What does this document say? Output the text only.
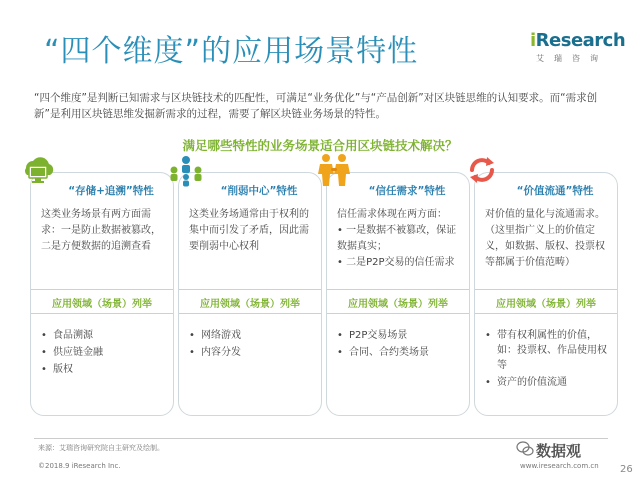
“四个维度”的应用场景特性	iResearch
艾瑞咨询
“四个维度”是判断已知需求与区块链技术的匹配性，可满足“业务优化”与“产品创新”对区块链思维的认知要求。而“需求创新”是利用区块链思维发掘新需求的过程，需要了解区块链业务场景的特性。
满足哪些特性的业务场景适合用区块链技术解决？
“存储+追溯”特性
这类业务场景有两方面需求：一是防止数据被篡改，二是方便数据的追溯查看
应用领域（场景）列举
• 食品溯源
• 供应链金融
• 版权
“削弱中心”特性
这类业务场通常由于权利的集中而引发了矛盾，因此需要削弱中心权利
应用领域（场景）列举
• 网络游戏
• 内容分发
“信任需求”特性
信任需求体现在两方面：
• 一是数据不被篡改，保证数据真实；
• 二是P2P交易的信任需求
应用领域（场景）列举
• P2P交易场景
• 合同、合约类场景
“价值流通”特性
对价值的量化与流通需求。（这里指广义上的价值定义，如数据、版权、投票权等都属于价值范畴）
应用领域（场景）列举
• 带有权利属性的价值，如：投票权、作品使用权等
• 资产的价值流通
来源：艾瑞咨询研究院自主研究及绘制。
©2018.9 iResearch Inc.	www.iresearch.com.cn 26
数据观
